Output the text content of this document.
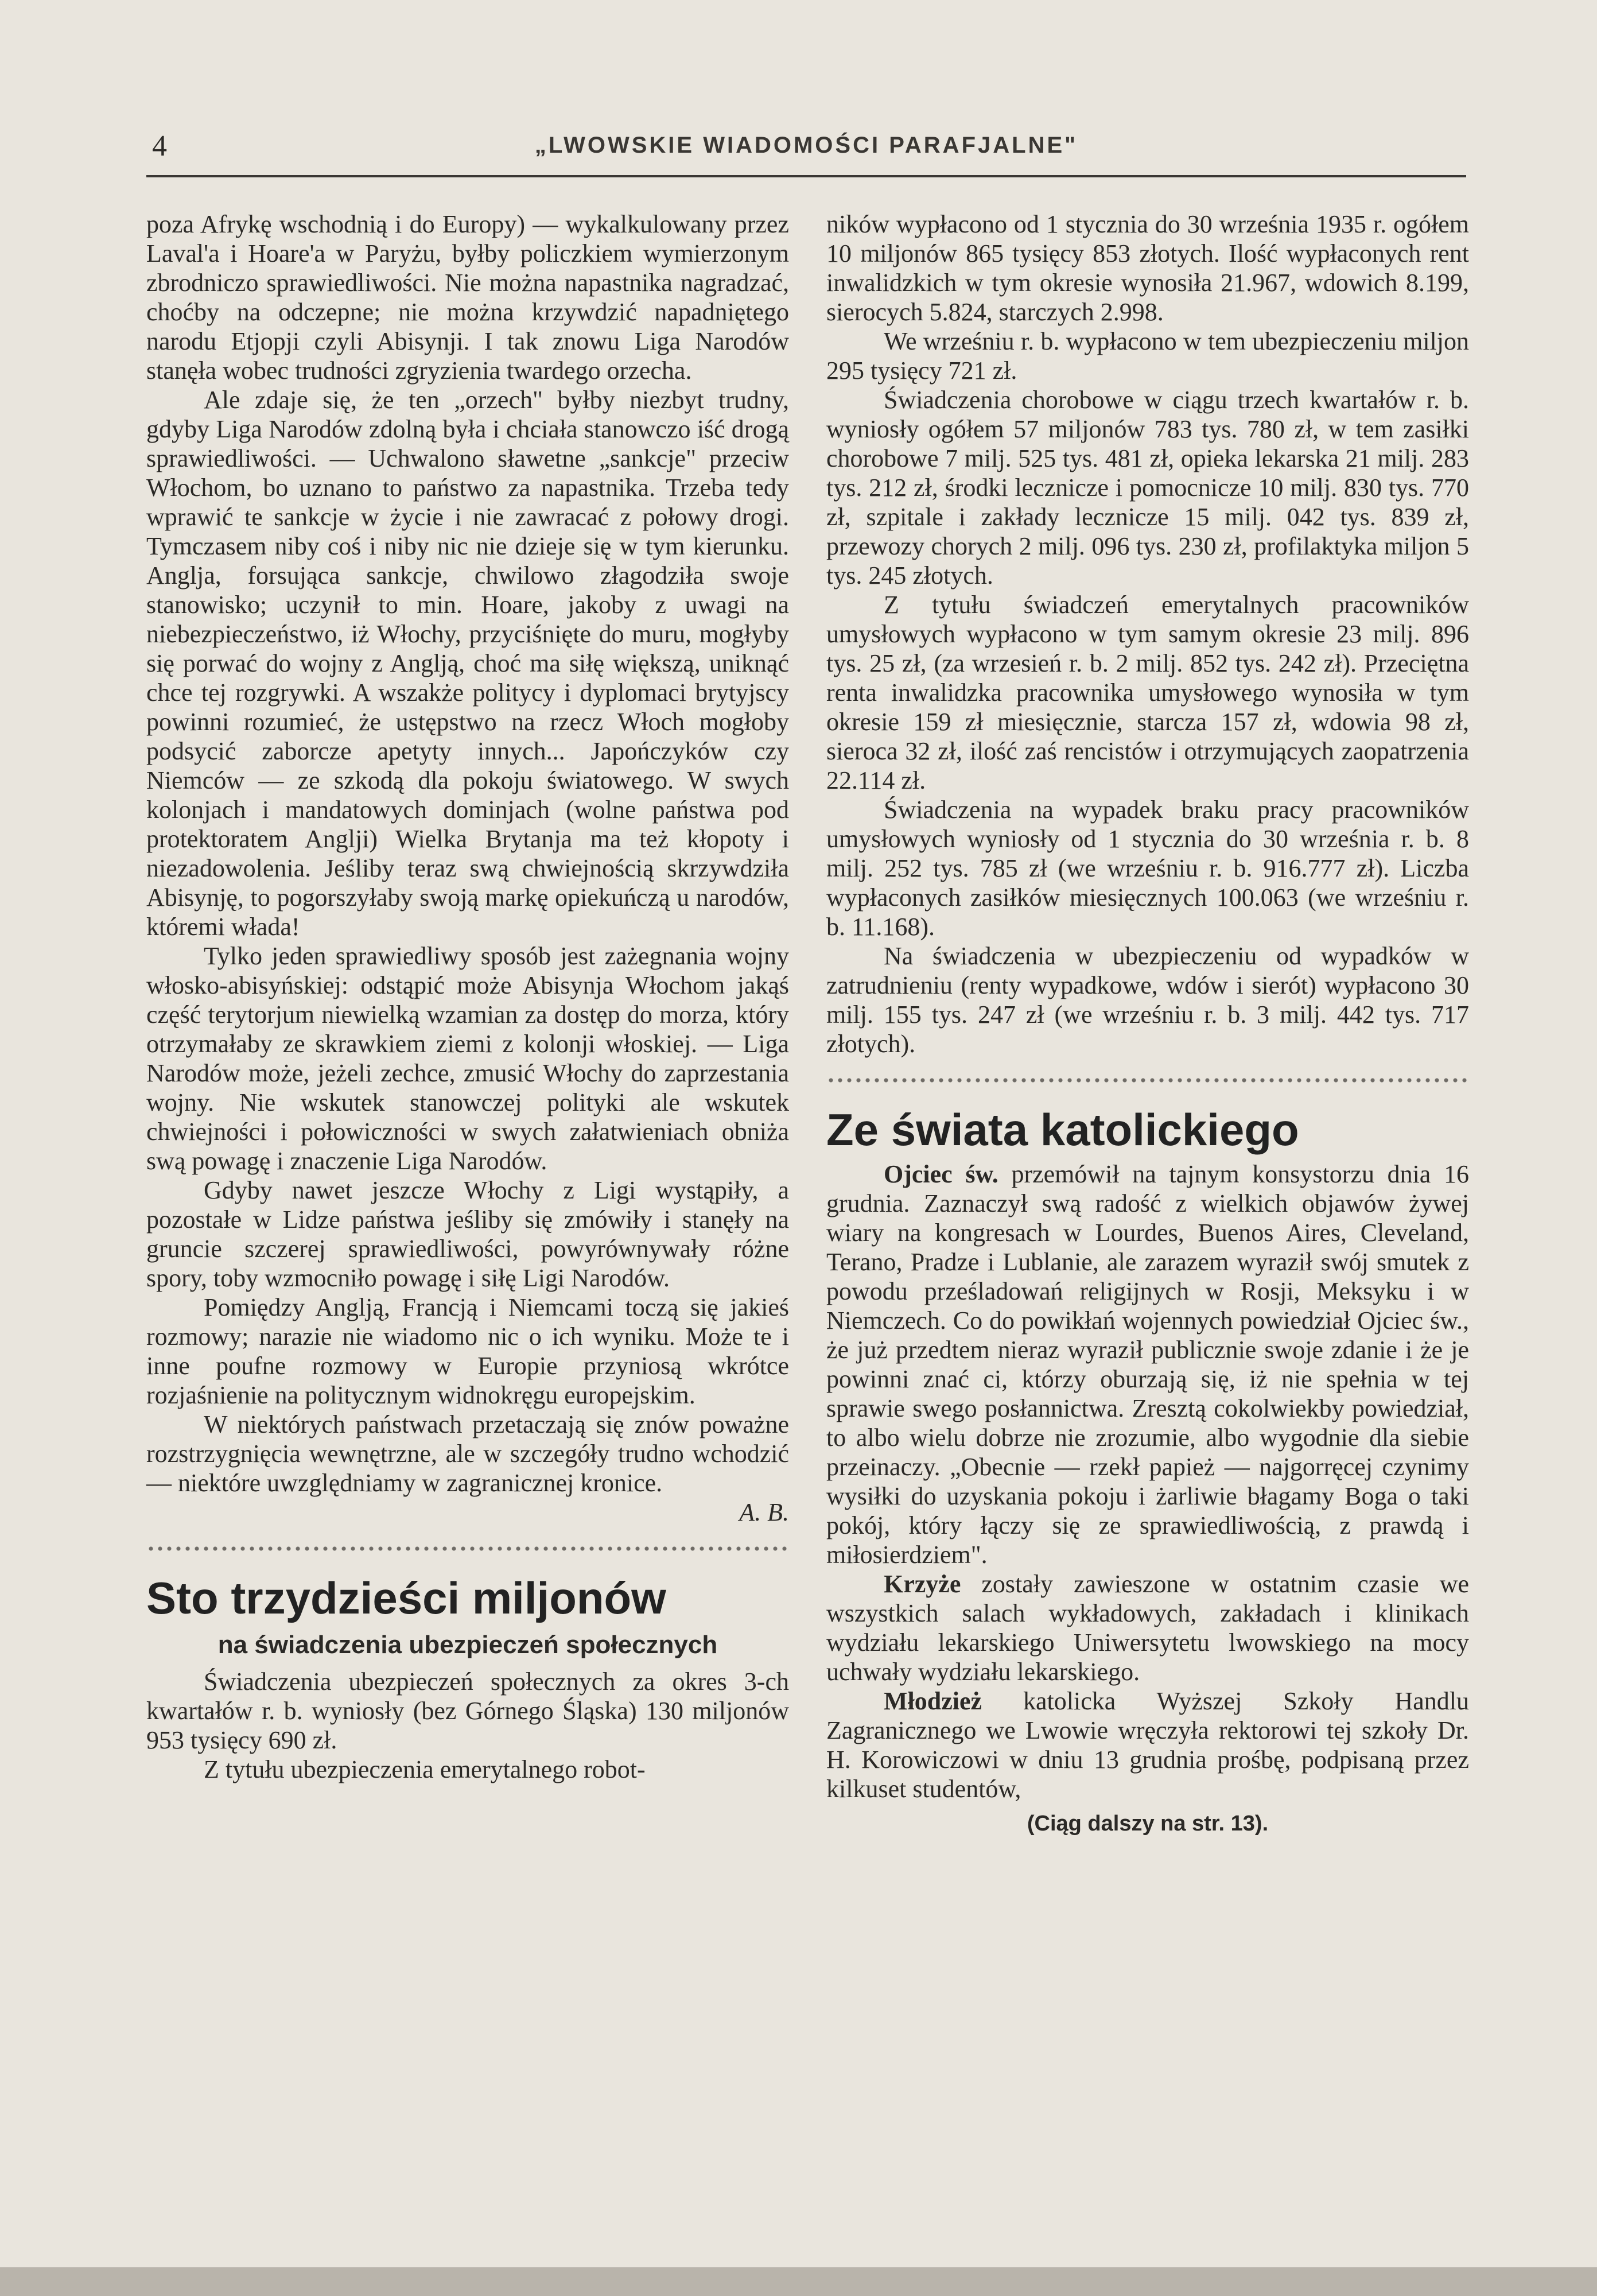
4	„LWOWSKIE WIADOMOŚCI PARAFJALNE"

poza Afrykę wschodnią i do Europy) — wykalkulowany przez Laval'a i Hoare'a w Paryżu, byłby policzkiem wymierzonym zbrodniczo sprawiedliwości. Nie można napastnika nagradzać, choćby na odczepne; nie można krzywdzić napadniętego narodu Etjopji czyli Abisynji. I tak znowu Liga Narodów stanęła wobec trudności zgryzienia twardego orzecha.

Ale zdaje się, że ten „orzech" byłby niezbyt trudny, gdyby Liga Narodów zdolną była i chciała stanowczo iść drogą sprawiedliwości. — Uchwalono sławetne „sankcje" przeciw Włochom, bo uznano to państwo za napastnika. Trzeba tedy wprawić te sankcje w życie i nie zawracać z połowy drogi. Tymczasem niby coś i niby nic nie dzieje się w tym kierunku. Anglja, forsująca sankcje, chwilowo złagodziła swoje stanowisko; uczynił to min. Hoare, jakoby z uwagi na niebezpieczeństwo, iż Włochy, przyciśnięte do muru, mogłyby się porwać do wojny z Anglją, choć ma siłę większą, uniknąć chce tej rozgrywki. A wszakże politycy i dyplomaci brytyjscy powinni rozumieć, że ustępstwo na rzecz Włoch mogłoby podsycić zaborcze apetyty innych... Japończyków czy Niemców — ze szkodą dla pokoju światowego. W swych kolonjach i mandatowych dominjach (wolne państwa pod protektoratem Anglji) Wielka Brytanja ma też kłopoty i niezadowolenia. Jeśliby teraz swą chwiejnością skrzywdziła Abisynję, to pogorszyłaby swoją markę opiekuńczą u narodów, któremi włada!

Tylko jeden sprawiedliwy sposób jest zażegnania wojny włosko-abisyńskiej: odstąpić może Abisynja Włochom jakąś część terytorjum niewielką wzamian za dostęp do morza, który otrzymałaby ze skrawkiem ziemi z kolonji włoskiej. — Liga Narodów może, jeżeli zechce, zmusić Włochy do zaprzestania wojny. Nie wskutek stanowczej polityki ale wskutek chwiejności i połowiczności w swych załatwieniach obniża swą powagę i znaczenie Liga Narodów.

Gdyby nawet jeszcze Włochy z Ligi wystąpiły, a pozostałe w Lidze państwa jeśliby się zmówiły i stanęły na gruncie szczerej sprawiedliwości, powyrównywały różne spory, toby wzmocniło powagę i siłę Ligi Narodów.

Pomiędzy Anglją, Francją i Niemcami toczą się jakieś rozmowy; narazie nie wiadomo nic o ich wyniku. Może te i inne poufne rozmowy w Europie przyniosą wkrótce rozjaśnienie na politycznym widnokręgu europejskim.

W niektórych państwach przetaczają się znów poważne rozstrzygnięcia wewnętrzne, ale w szczegóły trudno wchodzić — niektóre uwzględniamy w zagranicznej kronice.

A. B.

Sto trzydzieści miljonów
na świadczenia ubezpieczeń społecznych

Świadczenia ubezpieczeń społecznych za okres 3-ch kwartałów r. b. wyniosły (bez Górnego Śląska) 130 miljonów 953 tysięcy 690 zł.

Z tytułu ubezpieczenia emerytalnego robot-

ników wypłacono od 1 stycznia do 30 września 1935 r. ogółem 10 miljonów 865 tysięcy 853 złotych. Ilość wypłaconych rent inwalidzkich w tym okresie wynosiła 21.967, wdowich 8.199, sierocych 5.824, starczych 2.998.

We wrześniu r. b. wypłacono w tem ubezpieczeniu miljon 295 tysięcy 721 zł.

Świadczenia chorobowe w ciągu trzech kwartałów r. b. wyniosły ogółem 57 miljonów 783 tys. 780 zł, w tem zasiłki chorobowe 7 milj. 525 tys. 481 zł, opieka lekarska 21 milj. 283 tys. 212 zł, środki lecznicze i pomocnicze 10 milj. 830 tys. 770 zł, szpitale i zakłady lecznicze 15 milj. 042 tys. 839 zł, przewozy chorych 2 milj. 096 tys. 230 zł, profilaktyka miljon 5 tys. 245 złotych.

Z tytułu świadczeń emerytalnych pracowników umysłowych wypłacono w tym samym okresie 23 milj. 896 tys. 25 zł, (za wrzesień r. b. 2 milj. 852 tys. 242 zł). Przeciętna renta inwalidzka pracownika umysłowego wynosiła w tym okresie 159 zł miesięcznie, starcza 157 zł, wdowia 98 zł, sieroca 32 zł, ilość zaś rencistów i otrzymujących zaopatrzenia 22.114 zł.

Świadczenia na wypadek braku pracy pracowników umysłowych wyniosły od 1 stycznia do 30 września r. b. 8 milj. 252 tys. 785 zł (we wrześniu r. b. 916.777 zł). Liczba wypłaconych zasiłków miesięcznych 100.063 (we wrześniu r. b. 11.168).

Na świadczenia w ubezpieczeniu od wypadków w zatrudnieniu (renty wypadkowe, wdów i sierót) wypłacono 30 milj. 155 tys. 247 zł (we wrześniu r. b. 3 milj. 442 tys. 717 złotych).

Ze świata katolickiego

Ojciec św. przemówił na tajnym konsystorzu dnia 16 grudnia. Zaznaczył swą radość z wielkich objawów żywej wiary na kongresach w Lourdes, Buenos Aires, Cleveland, Terano, Pradze i Lublanie, ale zarazem wyraził swój smutek z powodu prześladowań religijnych w Rosji, Meksyku i w Niemczech. Co do powikłań wojennych powiedział Ojciec św., że już przedtem nieraz wyraził publicznie swoje zdanie i że je powinni znać ci, którzy oburzają się, iż nie spełnia w tej sprawie swego posłannictwa. Zresztą cokolwiekby powiedział, to albo wielu dobrze nie zrozumie, albo wygodnie dla siebie przeinaczy. „Obecnie — rzekł papież — najgorręcej czynimy wysiłki do uzyskania pokoju i żarliwie błagamy Boga o taki pokój, który łączy się ze sprawiedliwością, z prawdą i miłosierdziem".

Krzyże zostały zawieszone w ostatnim czasie we wszystkich salach wykładowych, zakładach i klinikach wydziału lekarskiego Uniwersytetu lwowskiego na mocy uchwały wydziału lekarskiego.

Młodzież katolicka Wyższej Szkoły Handlu Zagranicznego we Lwowie wręczyła rektorowi tej szkoły Dr. H. Korowiczowi w dniu 13 grudnia prośbę, podpisaną przez kilkuset studentów,

(Ciąg dalszy na str. 13).
